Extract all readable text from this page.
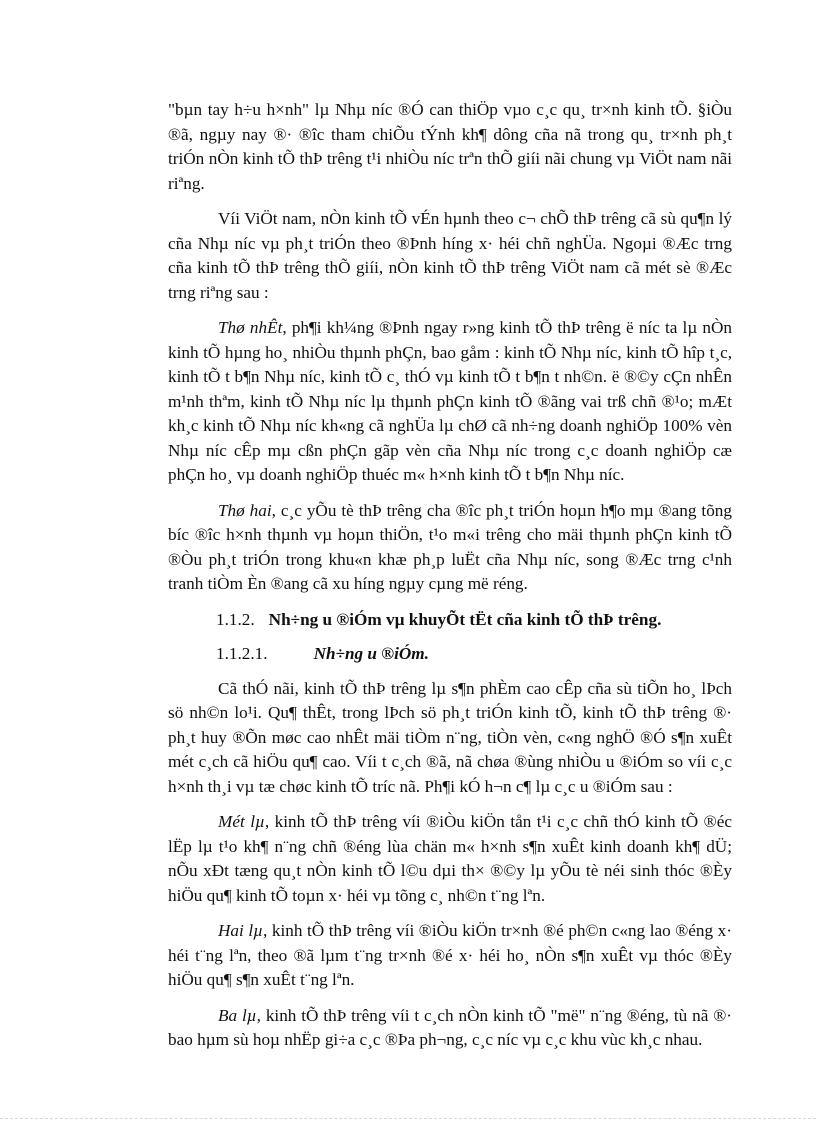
"bµn tay h÷u h×nh" lµ Nhµ níc ®Ó can thiÖp vµo c¸c qu¸ tr×nh kinh tÕ. §iÒu ®ã, ngµy nay ®· ®îc tham chiÕu tÝnh kh¶ dông cña nã trong qu¸ tr×nh ph¸t triÓn nÒn kinh tÕ thÞ trêng t¹i nhiÒu níc trªn thÕ giíi nãi chung vµ ViÖt nam nãi riªng.

Víi ViÖt nam, nÒn kinh tÕ vÉn hµnh theo c¬ chÕ thÞ trêng cã sù qu¶n lý cña Nhµ níc vµ ph¸t triÓn theo ®Þnh híng x· héi chñ nghÜa. Ngoµi ®Æc trng cña kinh tÕ thÞ trêng thÕ giíi, nÒn kinh tÕ thÞ trêng ViÖt nam cã mét sè ®Æc trng riªng sau :

Thø nhÊt, ph¶i kh¼ng ®Þnh ngay r»ng kinh tÕ thÞ trêng ë níc ta lµ nÒn kinh tÕ hµng ho¸ nhiÒu thµnh phÇn, bao gåm : kinh tÕ Nhµ níc, kinh tÕ hîp t¸c, kinh tÕ t b¶n Nhµ níc, kinh tÕ c¸ thÓ vµ kinh tÕ t b¶n t nh©n. ë ®©y cÇn nhÊn m¹nh thªm, kinh tÕ Nhµ níc lµ thµnh phÇn kinh tÕ ®ãng vai trß chñ ®¹o; mÆt kh¸c kinh tÕ Nhµ níc kh«ng cã nghÜa lµ chØ cã nh÷ng doanh nghiÖp 100% vèn Nhµ níc cÊp mµ cßn phÇn gãp vèn cña Nhµ níc trong c¸c doanh nghiÖp cæ phÇn ho¸ vµ doanh nghiÖp thuéc m« h×nh kinh tÕ t b¶n Nhµ níc.

Thø hai, c¸c yÕu tè thÞ trêng cha ®îc ph¸t triÓn hoµn h¶o mµ ®ang tõng bíc ®îc h×nh thµnh vµ hoµn thiÖn, t¹o m«i trêng cho mäi thµnh phÇn kinh tÕ ®Òu ph¸t triÓn trong khu«n khæ ph¸p luËt cña Nhµ níc, song ®Æc trng c¹nh tranh tiÒm Èn ®ang cã xu híng ngµy cµng më réng.

1.1.2. Nh÷ng u ®iÓm vµ khuyÕt tËt cña kinh tÕ thÞ trêng.

1.1.2.1.	Nh÷ng u ®iÓm.

Cã thÓ nãi, kinh tÕ thÞ trêng lµ s¶n phÈm cao cÊp cña sù tiÕn ho¸ lÞch sö nh©n lo¹i. Qu¶ thÊt, trong lÞch sö ph¸t triÓn kinh tÕ, kinh tÕ thÞ trêng ®· ph¸t huy ®Õn møc cao nhÊt mäi tiÒm n¨ng, tiÒn vèn, c«ng nghÖ ®Ó s¶n xuÊt mét c¸ch cã hiÖu qu¶ cao. Víi t c¸ch ®ã, nã chøa ®ùng nhiÒu u ®iÓm so víi c¸c h×nh th¸i vµ tæ chøc kinh tÕ tríc nã. Ph¶i kÓ h¬n c¶ lµ c¸c u ®iÓm sau :

Mét lµ, kinh tÕ thÞ trêng víi ®iÒu kiÖn tån t¹i c¸c chñ thÓ kinh tÕ ®éc lËp lµ t¹o kh¶ n¨ng chñ ®éng lùa chän m« h×nh s¶n xuÊt kinh doanh kh¶ dÜ; nÕu xÐt tæng qu¸t nÒn kinh tÕ l©u dµi th× ®©y lµ yÕu tè néi sinh thóc ®Èy hiÖu qu¶ kinh tÕ toµn x· héi vµ tõng c¸ nh©n t¨ng lªn.

Hai lµ, kinh tÕ thÞ trêng víi ®iÒu kiÖn tr×nh ®é ph©n c«ng lao ®éng x· héi t¨ng lªn, theo ®ã lµm t¨ng tr×nh ®é x· héi ho¸ nÒn s¶n xuÊt vµ thóc ®Èy hiÖu qu¶ s¶n xuÊt t¨ng lªn.

Ba lµ, kinh tÕ thÞ trêng víi t c¸ch nÒn kinh tÕ "më" n¨ng ®éng, tù nã ®· bao hµm sù hoµ nhËp gi÷a c¸c ®Þa ph¬ng, c¸c níc vµ c¸c khu vùc kh¸c nhau.
